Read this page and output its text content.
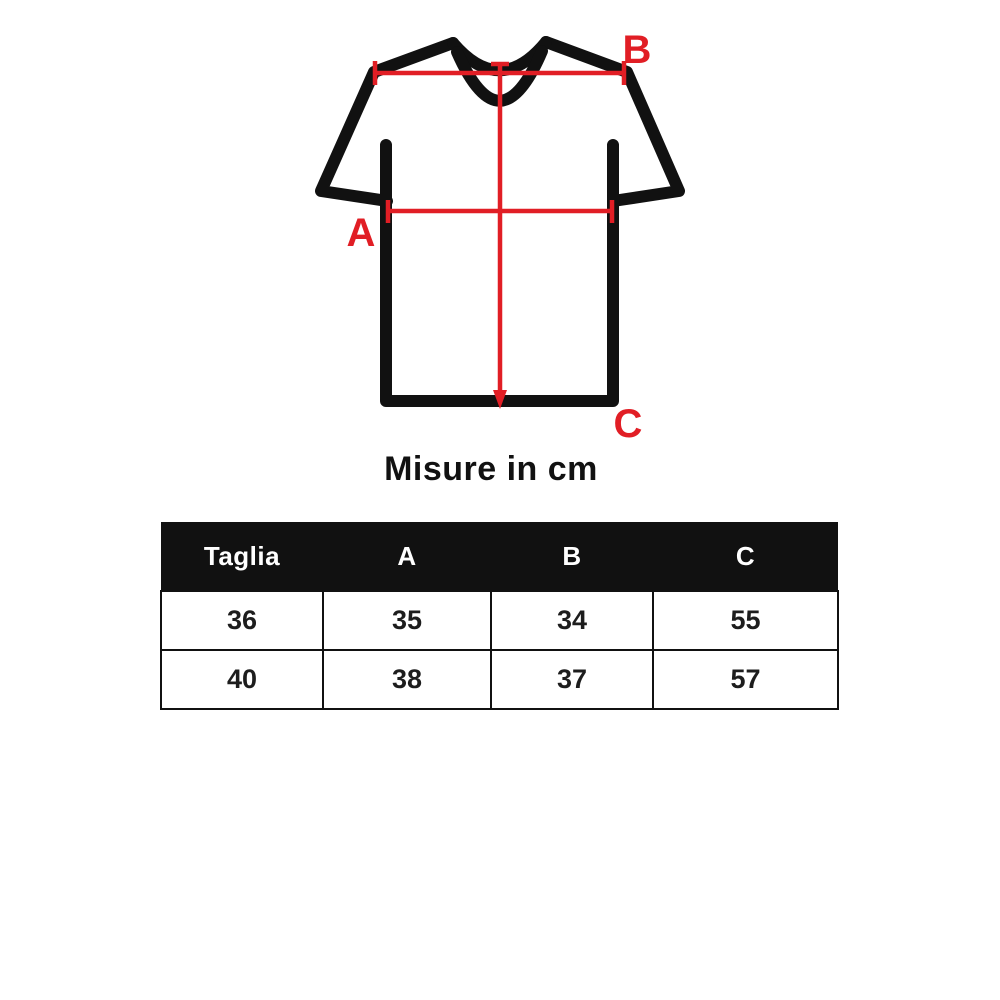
A
B
C
Misure in cm
Taglia	A	B	C
36	35	34	55
40	38	37	57
